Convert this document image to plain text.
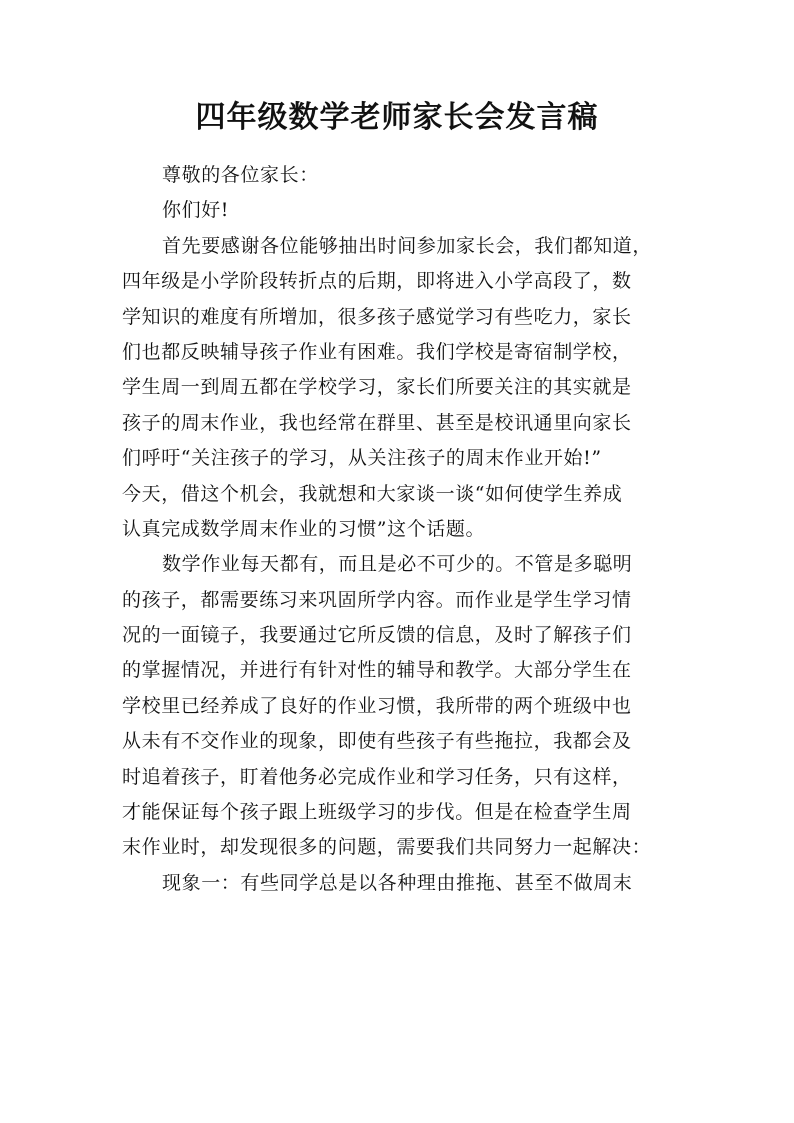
四年级数学老师家长会发言稿
尊敬的各位家长：
你们好!
首先要感谢各位能够抽出时间参加家长会，我们都知道，
四年级是小学阶段转折点的后期，即将进入小学高段了，数
学知识的难度有所增加，很多孩子感觉学习有些吃力，家长
们也都反映辅导孩子作业有困难。我们学校是寄宿制学校，
学生周一到周五都在学校学习，家长们所要关注的其实就是
孩子的周末作业，我也经常在群里、甚至是校讯通里向家长
们呼吁“关注孩子的学习，从关注孩子的周末作业开始!”
今天，借这个机会，我就想和大家谈一谈“如何使学生养成
认真完成数学周末作业的习惯”这个话题。
数学作业每天都有，而且是必不可少的。不管是多聪明
的孩子，都需要练习来巩固所学内容。而作业是学生学习情
况的一面镜子，我要通过它所反馈的信息，及时了解孩子们
的掌握情况，并进行有针对性的辅导和教学。大部分学生在
学校里已经养成了良好的作业习惯，我所带的两个班级中也
从未有不交作业的现象，即使有些孩子有些拖拉，我都会及
时追着孩子，盯着他务必完成作业和学习任务，只有这样，
才能保证每个孩子跟上班级学习的步伐。但是在检查学生周
末作业时，却发现很多的问题，需要我们共同努力一起解决：
现象一：有些同学总是以各种理由推拖、甚至不做周末
